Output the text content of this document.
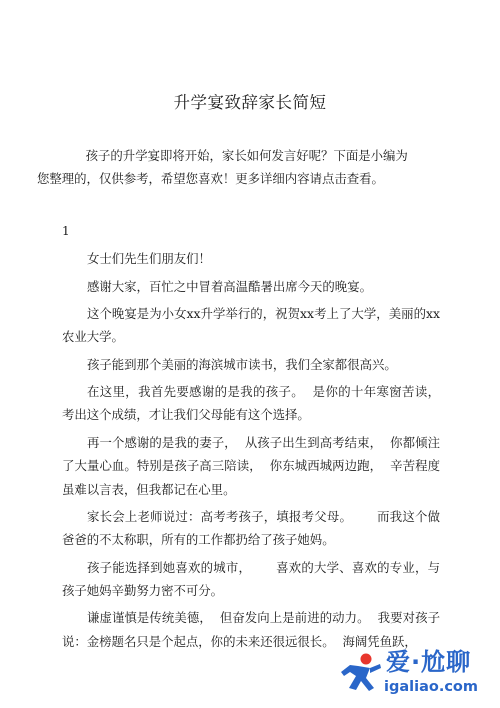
升学宴致辞家长简短

孩子的升学宴即将开始，家长如何发言好呢？下面是小编为
您整理的，仅供参考，希望您喜欢！更多详细内容请点击查看。

1

女士们先生们朋友们！

感谢大家，百忙之中冒着高温酷暑出席今天的晚宴。

这个晚宴是为小女xx升学举行的，祝贺xx考上了大学，美丽的xx农业大学。

孩子能到那个美丽的海滨城市读书，我们全家都很高兴。

在这里，我首先要感谢的是我的孩子。  是你的十年寒窗苦读，考出这个成绩，才让我们父母能有这个选择。

再一个感谢的是我的妻子，  从孩子出生到高考结束，  你都倾注了大量心血。特别是孩子高三陪读，  你东城西城两边跑，  辛苦程度虽难以言表，但我都记在心里。

家长会上老师说过：高考考孩子，填报考父母。      而我这个做爸爸的不太称职，所有的工作都扔给了孩子她妈。

孩子能选择到她喜欢的城市，      喜欢的大学、喜欢的专业，与孩子她妈辛勤努力密不可分。

谦虚谨慎是传统美德，  但奋发向上是前进的动力。  我要对孩子说：金榜题名只是个起点，你的未来还很远很长。  海阔凭鱼跃，

爱·尬聊
igaliao.com
